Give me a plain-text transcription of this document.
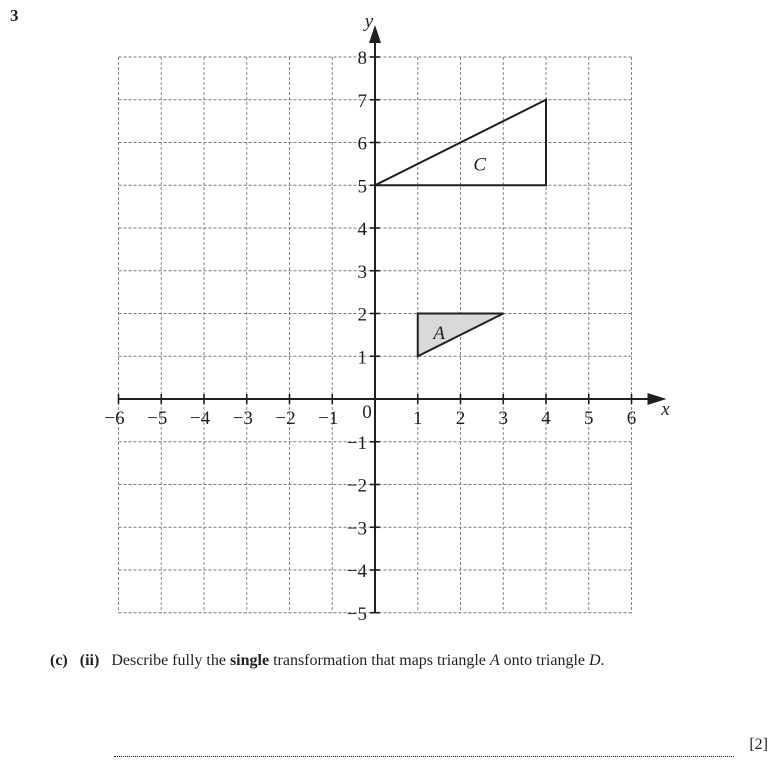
3
C
A
−6 −5 −4 −3 −2 −1	1 2 3 4 5 6
8
7
6
5
4
3
2
1
−1
−2
−3
−4
−5
0	x
y
(c) (ii) Describe fully the single transformation that maps triangle A onto triangle D.
[2]
